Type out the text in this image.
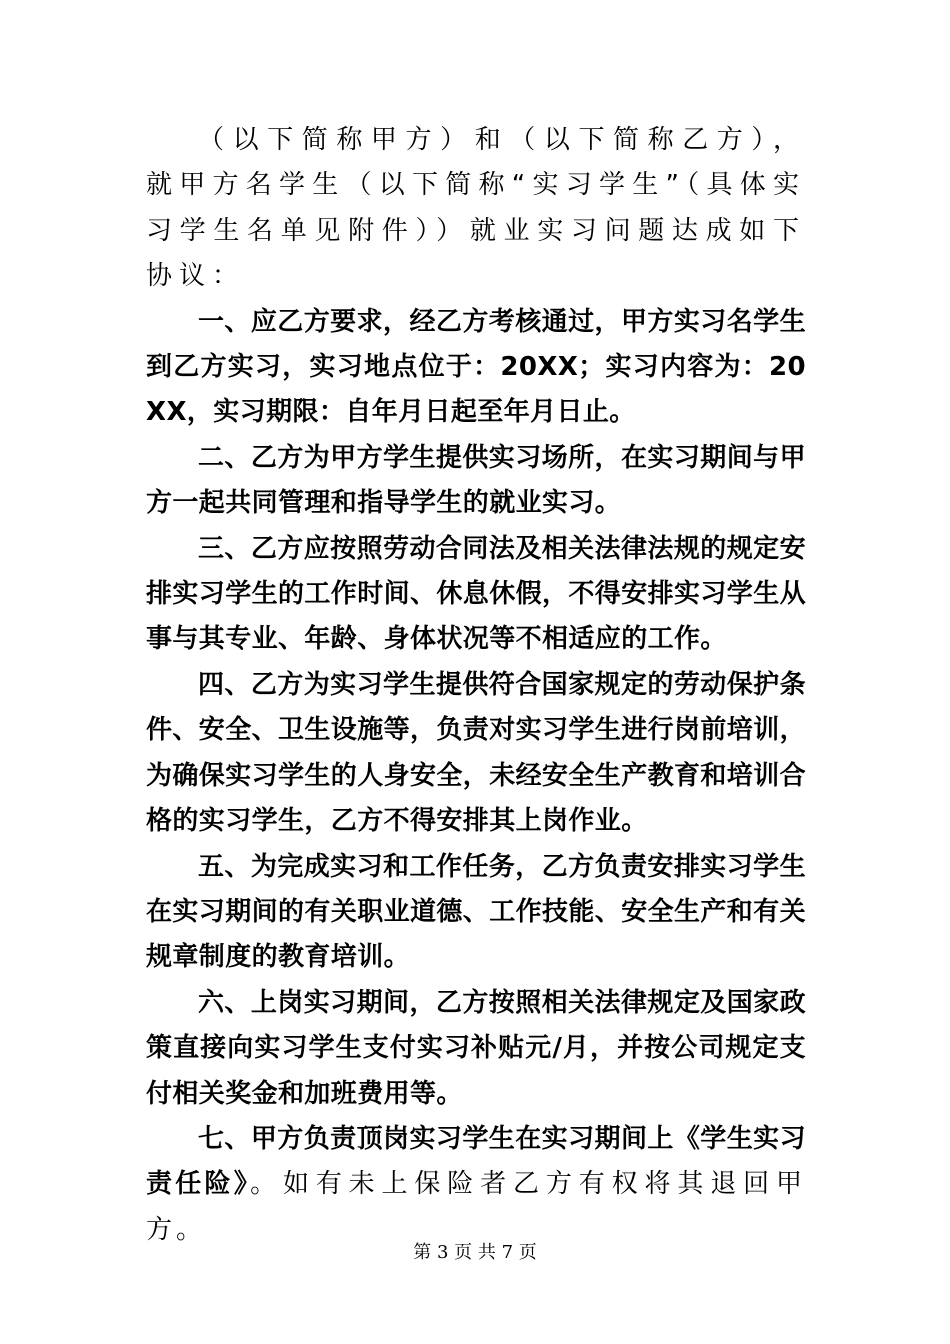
（以下简称甲方）和（以下简称乙方），就甲方名学生（以下简称“实习学生”（具体实习学生名单见附件））就业实习问题达成如下协议：

一、应乙方要求，经乙方考核通过，甲方实习名学生到乙方实习，实习地点位于：20XX；实习内容为：20XX，实习期限：自年月日起至年月日止。

二、乙方为甲方学生提供实习场所，在实习期间与甲方一起共同管理和指导学生的就业实习。

三、乙方应按照劳动合同法及相关法律法规的规定安排实习学生的工作时间、休息休假，不得安排实习学生从事与其专业、年龄、身体状况等不相适应的工作。

四、乙方为实习学生提供符合国家规定的劳动保护条件、安全、卫生设施等，负责对实习学生进行岗前培训，为确保实习学生的人身安全，未经安全生产教育和培训合格的实习学生，乙方不得安排其上岗作业。

五、为完成实习和工作任务，乙方负责安排实习学生在实习期间的有关职业道德、工作技能、安全生产和有关规章制度的教育培训。

六、上岗实习期间，乙方按照相关法律规定及国家政策直接向实习学生支付实习补贴元/月，并按公司规定支付相关奖金和加班费用等。

七、甲方负责顶岗实习学生在实习期间上《学生实习责任险》。如有未上保险者乙方有权将其退回甲方。

第 3 页 共 7 页
